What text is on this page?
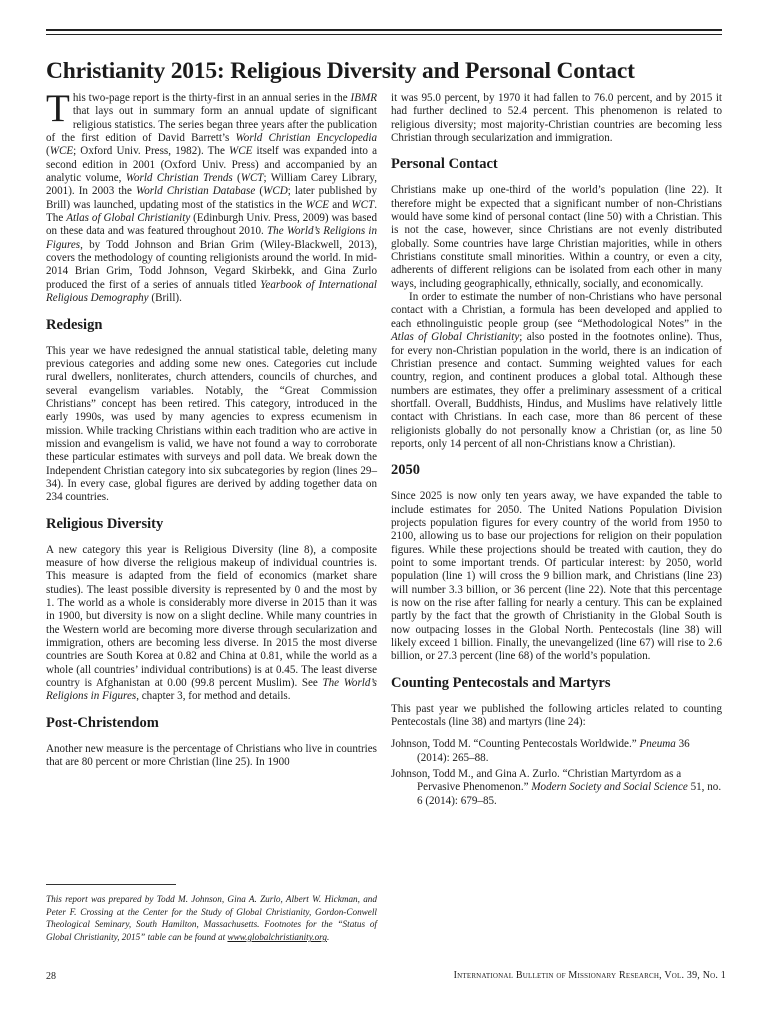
Christianity 2015: Religious Diversity and Personal Contact

This two-page report is the thirty-first in an annual series in the IBMR that lays out in summary form an annual update of significant religious statistics. The series began three years after the publication of the first edition of David Barrett’s World Christian Encyclopedia (WCE; Oxford Univ. Press, 1982). The WCE itself was expanded into a second edition in 2001 (Oxford Univ. Press) and accompanied by an analytic volume, World Christian Trends (WCT; William Carey Library, 2001). In 2003 the World Christian Database (WCD; later published by Brill) was launched, updating most of the statistics in the WCE and WCT. The Atlas of Global Christianity (Edinburgh Univ. Press, 2009) was based on these data and was featured throughout 2010. The World’s Religions in Figures, by Todd Johnson and Brian Grim (Wiley-Blackwell, 2013), covers the methodology of counting religionists around the world. In mid-2014 Brian Grim, Todd Johnson, Vegard Skirbekk, and Gina Zurlo produced the first of a series of annuals titled Yearbook of International Religious Demography (Brill).

Redesign

This year we have redesigned the annual statistical table, deleting many previous categories and adding some new ones. Categories cut include rural dwellers, nonliterates, church attenders, councils of churches, and several evangelism variables. Notably, the “Great Commission Christians” concept has been retired. This category, introduced in the early 1990s, was used by many agencies to express ecumenism in mission. While tracking Christians within each tradition who are active in mission and evangelism is valid, we have not found a way to corroborate these particular estimates with surveys and poll data. We break down the Independent Christian category into six subcategories by region (lines 29–34). In every case, global figures are derived by adding together data on 234 countries.

Religious Diversity

A new category this year is Religious Diversity (line 8), a composite measure of how diverse the religious makeup of individual countries is. This measure is adapted from the field of economics (market share studies). The least possible diversity is represented by 0 and the most by 1. The world as a whole is considerably more diverse in 2015 than it was in 1900, but diversity is now on a slight decline. While many countries in the Western world are becoming more diverse through secularization and immigration, others are becoming less diverse. In 2015 the most diverse countries are South Korea at 0.82 and China at 0.81, while the world as a whole (all countries’ individual contributions) is at 0.45. The least diverse country is Afghanistan at 0.00 (99.8 percent Muslim). See The World’s Religions in Figures, chapter 3, for method and details.

Post-Christendom

Another new measure is the percentage of Christians who live in countries that are 80 percent or more Christian (line 25). In 1900

it was 95.0 percent, by 1970 it had fallen to 76.0 percent, and by 2015 it had further declined to 52.4 percent. This phenomenon is related to religious diversity; most majority-Christian countries are becoming less Christian through secularization and immigration.

Personal Contact

Christians make up one-third of the world’s population (line 22). It therefore might be expected that a significant number of non-Christians would have some kind of personal contact (line 50) with a Christian. This is not the case, however, since Christians are not evenly distributed globally. Some countries have large Christian majorities, while in others Christians constitute small minorities. Within a country, or even a city, adherents of different religions can be isolated from each other in many ways, including geographically, ethnically, socially, and economically.

In order to estimate the number of non-Christians who have personal contact with a Christian, a formula has been developed and applied to each ethnolinguistic people group (see “Methodological Notes” in the Atlas of Global Christianity; also posted in the footnotes online). Thus, for every non-Christian population in the world, there is an indication of Christian presence and contact. Summing weighted values for each country, region, and continent produces a global total. Although these numbers are estimates, they offer a preliminary assessment of a critical shortfall. Overall, Buddhists, Hindus, and Muslims have relatively little contact with Christians. In each case, more than 86 percent of these religionists globally do not personally know a Christian (or, as line 50 reports, only 14 percent of all non-Christians know a Christian).

2050

Since 2025 is now only ten years away, we have expanded the table to include estimates for 2050. The United Nations Population Division projects population figures for every country of the world from 1950 to 2100, allowing us to base our projections for religion on their population figures. While these projections should be treated with caution, they do point to some important trends. Of particular interest: by 2050, world population (line 1) will cross the 9 billion mark, and Christians (line 23) will number 3.3 billion, or 36 percent (line 22). Note that this percentage is now on the rise after falling for nearly a century. This can be explained partly by the fact that the growth of Christianity in the Global South is now outpacing losses in the Global North. Pentecostals (line 38) will likely exceed 1 billion. Finally, the unevangelized (line 67) will rise to 2.6 billion, or 27.3 percent (line 68) of the world’s population.

Counting Pentecostals and Martyrs

This past year we published the following articles related to counting Pentecostals (line 38) and martyrs (line 24):

Johnson, Todd M. “Counting Pentecostals Worldwide.” Pneuma 36 (2014): 265–88.

Johnson, Todd M., and Gina A. Zurlo. “Christian Martyrdom as a Pervasive Phenomenon.” Modern Society and Social Science 51, no. 6 (2014): 679–85.

This report was prepared by Todd M. Johnson, Gina A. Zurlo, Albert W. Hickman, and Peter F. Crossing at the Center for the Study of Global Christianity, Gordon-Conwell Theological Seminary, South Hamilton, Massachusetts. Footnotes for the “Status of Global Christianity, 2015” table can be found at www.globalchristianity.org.

28	International Bulletin of Missionary Research, Vol. 39, No. 1
